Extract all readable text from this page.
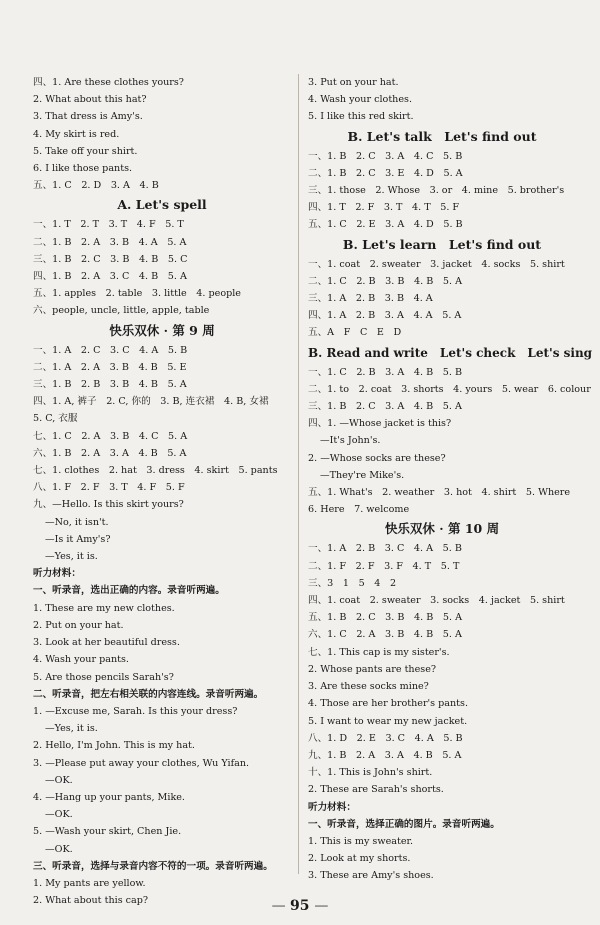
四、1. Are these clothes yours?
2. What about this hat?
3. That dress is Amy's.
4. My skirt is red.
5. Take off your shirt.
6. I like those pants.
五、1. C　2. D　3. A　4. B
A. Let's spell
一、1. T　2. T　3. T　4. F　5. T
二、1. B　2. A　3. B　4. A　5. A
三、1. B　2. C　3. B　4. B　5. C
四、1. B　2. A　3. C　4. B　5. A
五、1. apples　2. table　3. little　4. people
六、people, uncle, little, apple, table
快乐双休 · 第 9 周
一、1. A　2. C　3. C　4. A　5. B
二、1. A　2. A　3. B　4. B　5. E
三、1. B　2. B　3. B　4. B　5. A
四、1. A, 裤子　2. C, 你的　3. B, 连衣裙　4. B, 女裙
5. C, 衣服
七、1. C　2. A　3. B　4. C　5. A
六、1. B　2. A　3. A　4. B　5. A
七、1. clothes　2. hat　3. dress　4. skirt　5. pants
八、1. F　2. F　3. T　4. F　5. F
九、—Hello. Is this skirt yours?
—No, it isn't.
—Is it Amy's?
—Yes, it is.
听力材料：
一、听录音，选出正确的内容。录音听两遍。
1. These are my new clothes.
2. Put on your hat.
3. Look at her beautiful dress.
4. Wash your pants.
5. Are those pencils Sarah's?
二、听录音，把左右相关联的内容连线。录音听两遍。
1. —Excuse me, Sarah. Is this your dress?
—Yes, it is.
2. Hello, I'm John. This is my hat.
3. —Please put away your clothes, Wu Yifan.
—OK.
4. —Hang up your pants, Mike.
—OK.
5. —Wash your skirt, Chen Jie.
—OK.
三、听录音，选择与录音内容不符的一项。录音听两遍。
1. My pants are yellow.
2. What about this cap?
3. Put on your hat.
4. Wash your clothes.
5. I like this red skirt.
B. Let's talk　Let's find out
一、1. B　2. C　3. A　4. C　5. B
二、1. B　2. C　3. E　4. D　5. A
三、1. those　2. Whose　3. or　4. mine　5. brother's
四、1. T　2. F　3. T　4. T　5. F
五、1. C　2. E　3. A　4. D　5. B
B. Let's learn　Let's find out
一、1. coat　2. sweater　3. jacket　4. socks　5. shirt
二、1. C　2. B　3. B　4. B　5. A
三、1. A　2. B　3. B　4. A
四、1. A　2. B　3. A　4. A　5. A
五、A　F　C　E　D
B. Read and write　Let's check　Let's sing
一、1. C　2. B　3. A　4. B　5. B
二、1. to　2. coat　3. shorts　4. yours　5. wear　6. colour
三、1. B　2. C　3. A　4. B　5. A
四、1. —Whose jacket is this?
—It's John's.
2. —Whose socks are these?
—They're Mike's.
五、1. What's　2. weather　3. hot　4. shirt　5. Where
6. Here　7. welcome
快乐双休 · 第 10 周
一、1. A　2. B　3. C　4. A　5. B
二、1. F　2. F　3. F　4. T　5. T
三、3　1　5　4　2
四、1. coat　2. sweater　3. socks　4. jacket　5. shirt
五、1. B　2. C　3. B　4. B　5. A
六、1. C　2. A　3. B　4. B　5. A
七、1. This cap is my sister's.
2. Whose pants are these?
3. Are these socks mine?
4. Those are her brother's pants.
5. I want to wear my new jacket.
八、1. D　2. E　3. C　4. A　5. B
九、1. B　2. A　3. A　4. B　5. A
十、1. This is John's shirt.
2. These are Sarah's shorts.
听力材料：
一、听录音，选择正确的图片。录音听两遍。
1. This is my sweater.
2. Look at my shorts.
3. These are Amy's shoes.
— 95 —
